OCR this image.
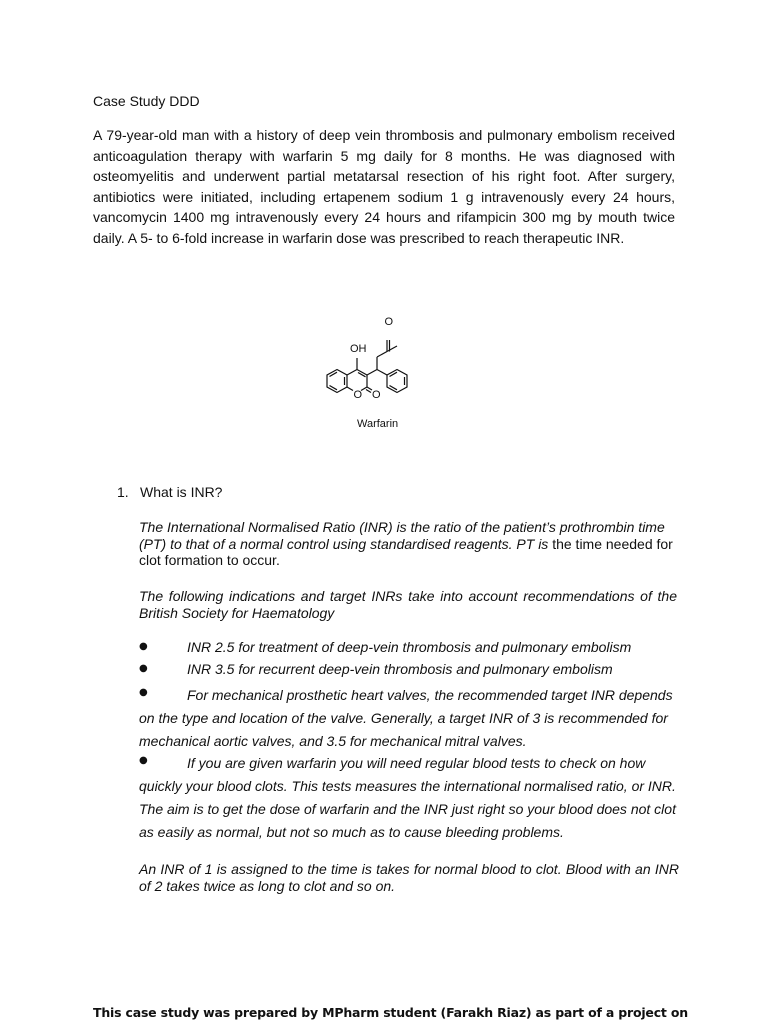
Case Study DDD
A 79-year-old man with a history of deep vein thrombosis and pulmonary embolism received anticoagulation therapy with warfarin 5 mg daily for 8 months. He was diagnosed with osteomyelitis and underwent partial metatarsal resection of his right foot. After surgery, antibiotics were initiated, including ertapenem sodium 1 g intravenously every 24 hours, vancomycin 1400 mg intravenously every 24 hours and rifampicin 300 mg by mouth twice daily. A 5- to 6-fold increase in warfarin dose was prescribed to reach therapeutic INR.
OH
O
O O
Warfarin
1. What is INR?
The International Normalised Ratio (INR) is the ratio of the patient’s prothrombin time (PT) to that of a normal control using standardised reagents. PT is the time needed for clot formation to occur.
The following indications and target INRs take into account recommendations of the British Society for Haematology
●	INR 2.5 for treatment of deep-vein thrombosis and pulmonary embolism
●	INR 3.5 for recurrent deep-vein thrombosis and pulmonary embolism
●	For mechanical prosthetic heart valves, the recommended target INR depends on the type and location of the valve. Generally, a target INR of 3 is recommended for mechanical aortic valves, and 3.5 for mechanical mitral valves.
●	If you are given warfarin you will need regular blood tests to check on how quickly your blood clots. This tests measures the international normalised ratio, or INR. The aim is to get the dose of warfarin and the INR just right so your blood does not clot as easily as normal, but not so much as to cause bleeding problems.
An INR of 1 is assigned to the time is takes for normal blood to clot. Blood with an INR of 2 takes twice as long to clot and so on.
This case study was prepared by MPharm student (Farakh Riaz) as part of a project on
